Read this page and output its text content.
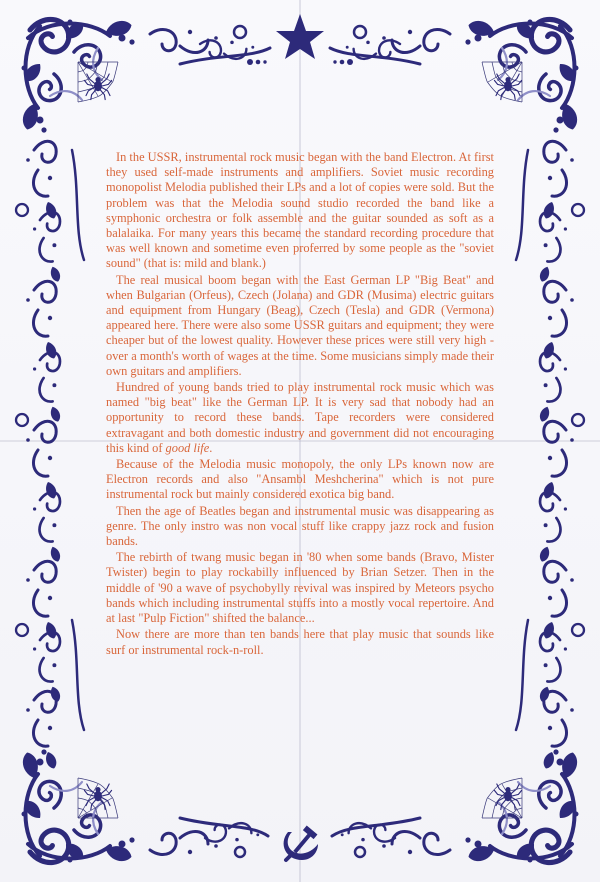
In the USSR, instrumental rock music began with the band Electron. At first they used self-made instruments and amplifiers. Soviet music recording monopolist Melodia published their LPs and a lot of copies were sold. But the problem was that the Melodia sound studio recorded the band like a symphonic orchestra or folk assemble and the guitar sounded as soft as a balalaika. For many years this became the standard recording procedure that was well known and sometime even proferred by some people as the "soviet sound" (that is: mild and blank.)

The real musical boom began with the East German LP "Big Beat" and when Bulgarian (Orfeus), Czech (Jolana) and GDR (Musima) electric guitars and equipment from Hungary (Beag), Czech (Tesla) and GDR (Vermona) appeared here. There were also some USSR guitars and equipment; they were cheaper but of the lowest quality. However these prices were still very high - over a month's worth of wages at the time. Some musicians simply made their own guitars and amplifiers.

Hundred of young bands tried to play instrumental rock music which was named "big beat" like the German LP. It is very sad that nobody had an opportunity to record these bands. Tape recorders were considered extravagant and both domestic industry and government did not encouraging this kind of good life.

Because of the Melodia music monopoly, the only LPs known now are Electron records and also "Ansambl Meshcherina" which is not pure instrumental rock but mainly considered exotica big band.

Then the age of Beatles began and instrumental music was disappearing as genre. The only instro was non vocal stuff like crappy jazz rock and fusion bands.

The rebirth of twang music began in '80 when some bands (Bravo, Mister Twister) begin to play rockabilly influenced by Brian Setzer. Then in the middle of '90 a wave of psychobylly revival was inspired by Meteors psycho bands which including instrumental stuffs into a mostly vocal repertoire. And at last "Pulp Fiction" shifted the balance...

Now there are more than ten bands here that play music that sounds like surf or instrumental rock-n-roll.
